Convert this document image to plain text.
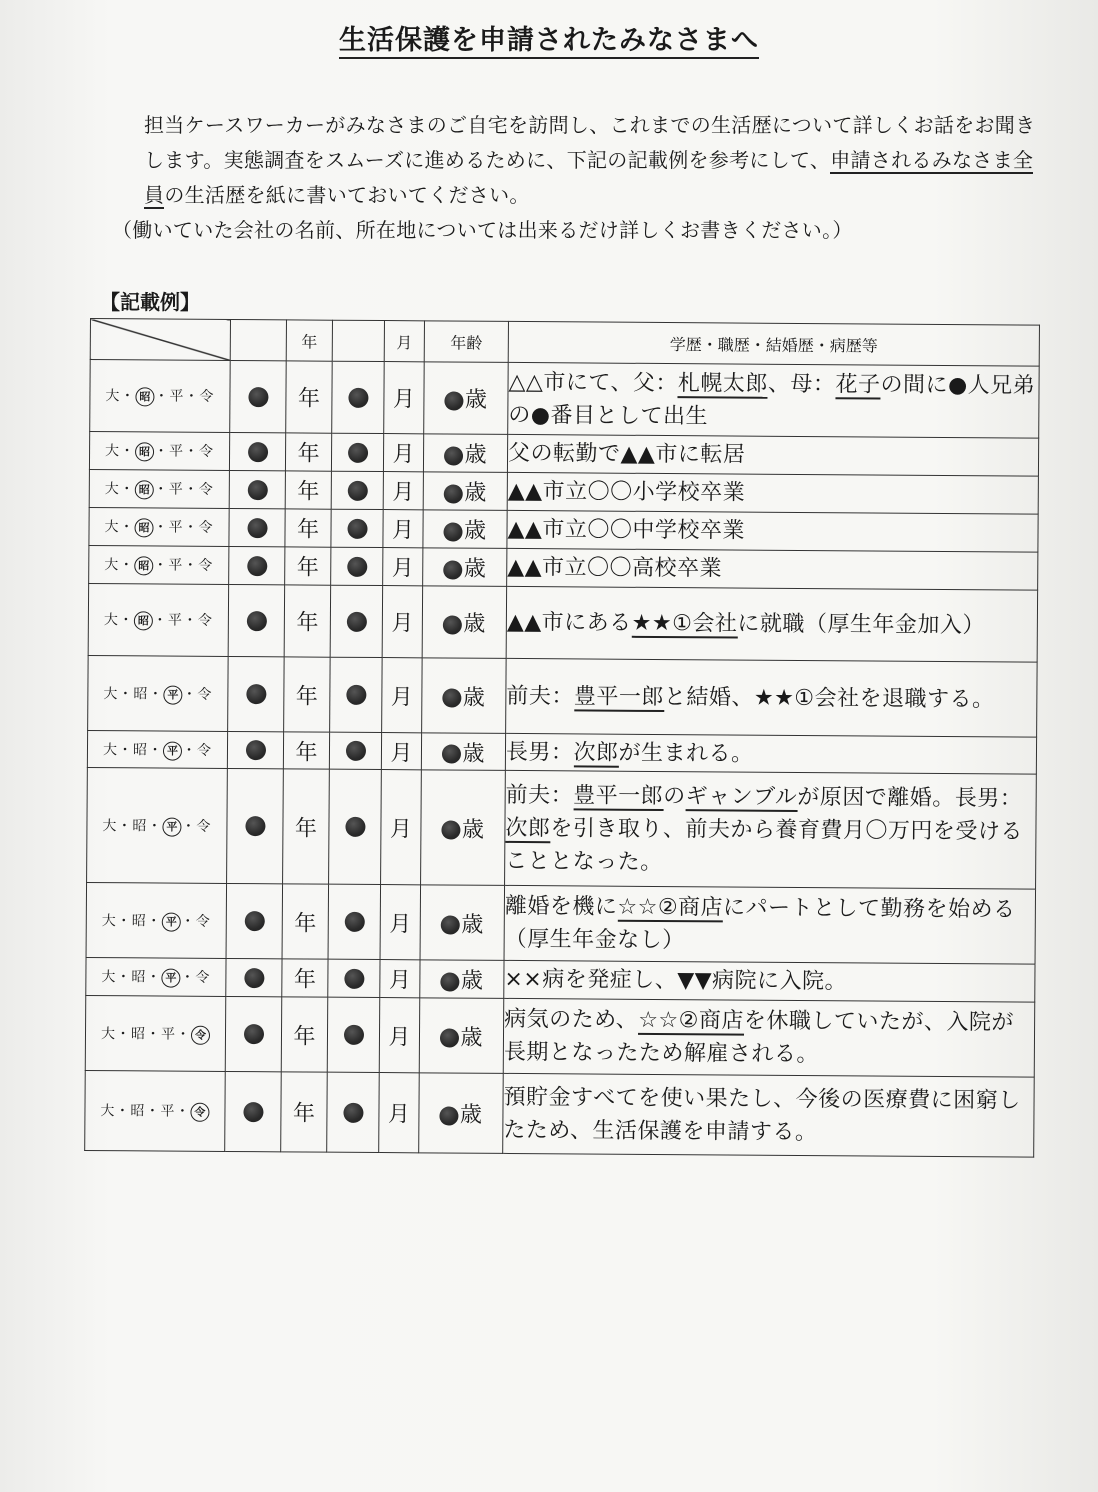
生活保護を申請されたみなさまへ

担当ケースワーカーがみなさまのご自宅を訪問し、これまでの生活歴について詳しくお話をお聞きします。実態調査をスムーズに進めるために、下記の記載例を参考にして、申請されるみなさま全員の生活歴を紙に書いておいてください。

（働いていた会社の名前、所在地については出来るだけ詳しくお書きください。）

【記載例】
		年		月	年齢	学歴・職歴・結婚歴・病歴等
大・ 昭 ・平・令		年		月	歳	△△市にて、父：札幌太郎、母：花子の間に●人兄弟の●番目として出生
大・ 昭 ・平・令		年		月	歳	父の転勤で▲▲市に転居
大・ 昭 ・平・令		年		月	歳	▲▲市立〇〇小学校卒業
大・ 昭 ・平・令		年		月	歳	▲▲市立〇〇中学校卒業
大・ 昭 ・平・令		年		月	歳	▲▲市立〇〇高校卒業
大・ 昭 ・平・令		年		月	歳	▲▲市にある★★①会社に就職（厚生年金加入）
大・昭・ 平 ・令		年		月	歳	前夫：豊平一郎と結婚、★★①会社を退職する。
大・昭・ 平 ・令		年		月	歳	長男：次郎が生まれる。
大・昭・ 平 ・令		年		月	歳	前夫：豊平一郎のギャンブルが原因で離婚。長男：次郎を引き取り、前夫から養育費月〇万円を受けることとなった。
大・昭・ 平 ・令		年		月	歳	離婚を機に☆☆②商店にパートとして勤務を始める（厚生年金なし）
大・昭・ 平 ・令		年		月	歳	××病を発症し、▼▼病院に入院。
大・昭・平・ 令		年		月	歳	病気のため、☆☆②商店を休職していたが、入院が長期となったため解雇される。
大・昭・平・ 令		年		月	歳	預貯金すべてを使い果たし、今後の医療費に困窮したため、生活保護を申請する。
